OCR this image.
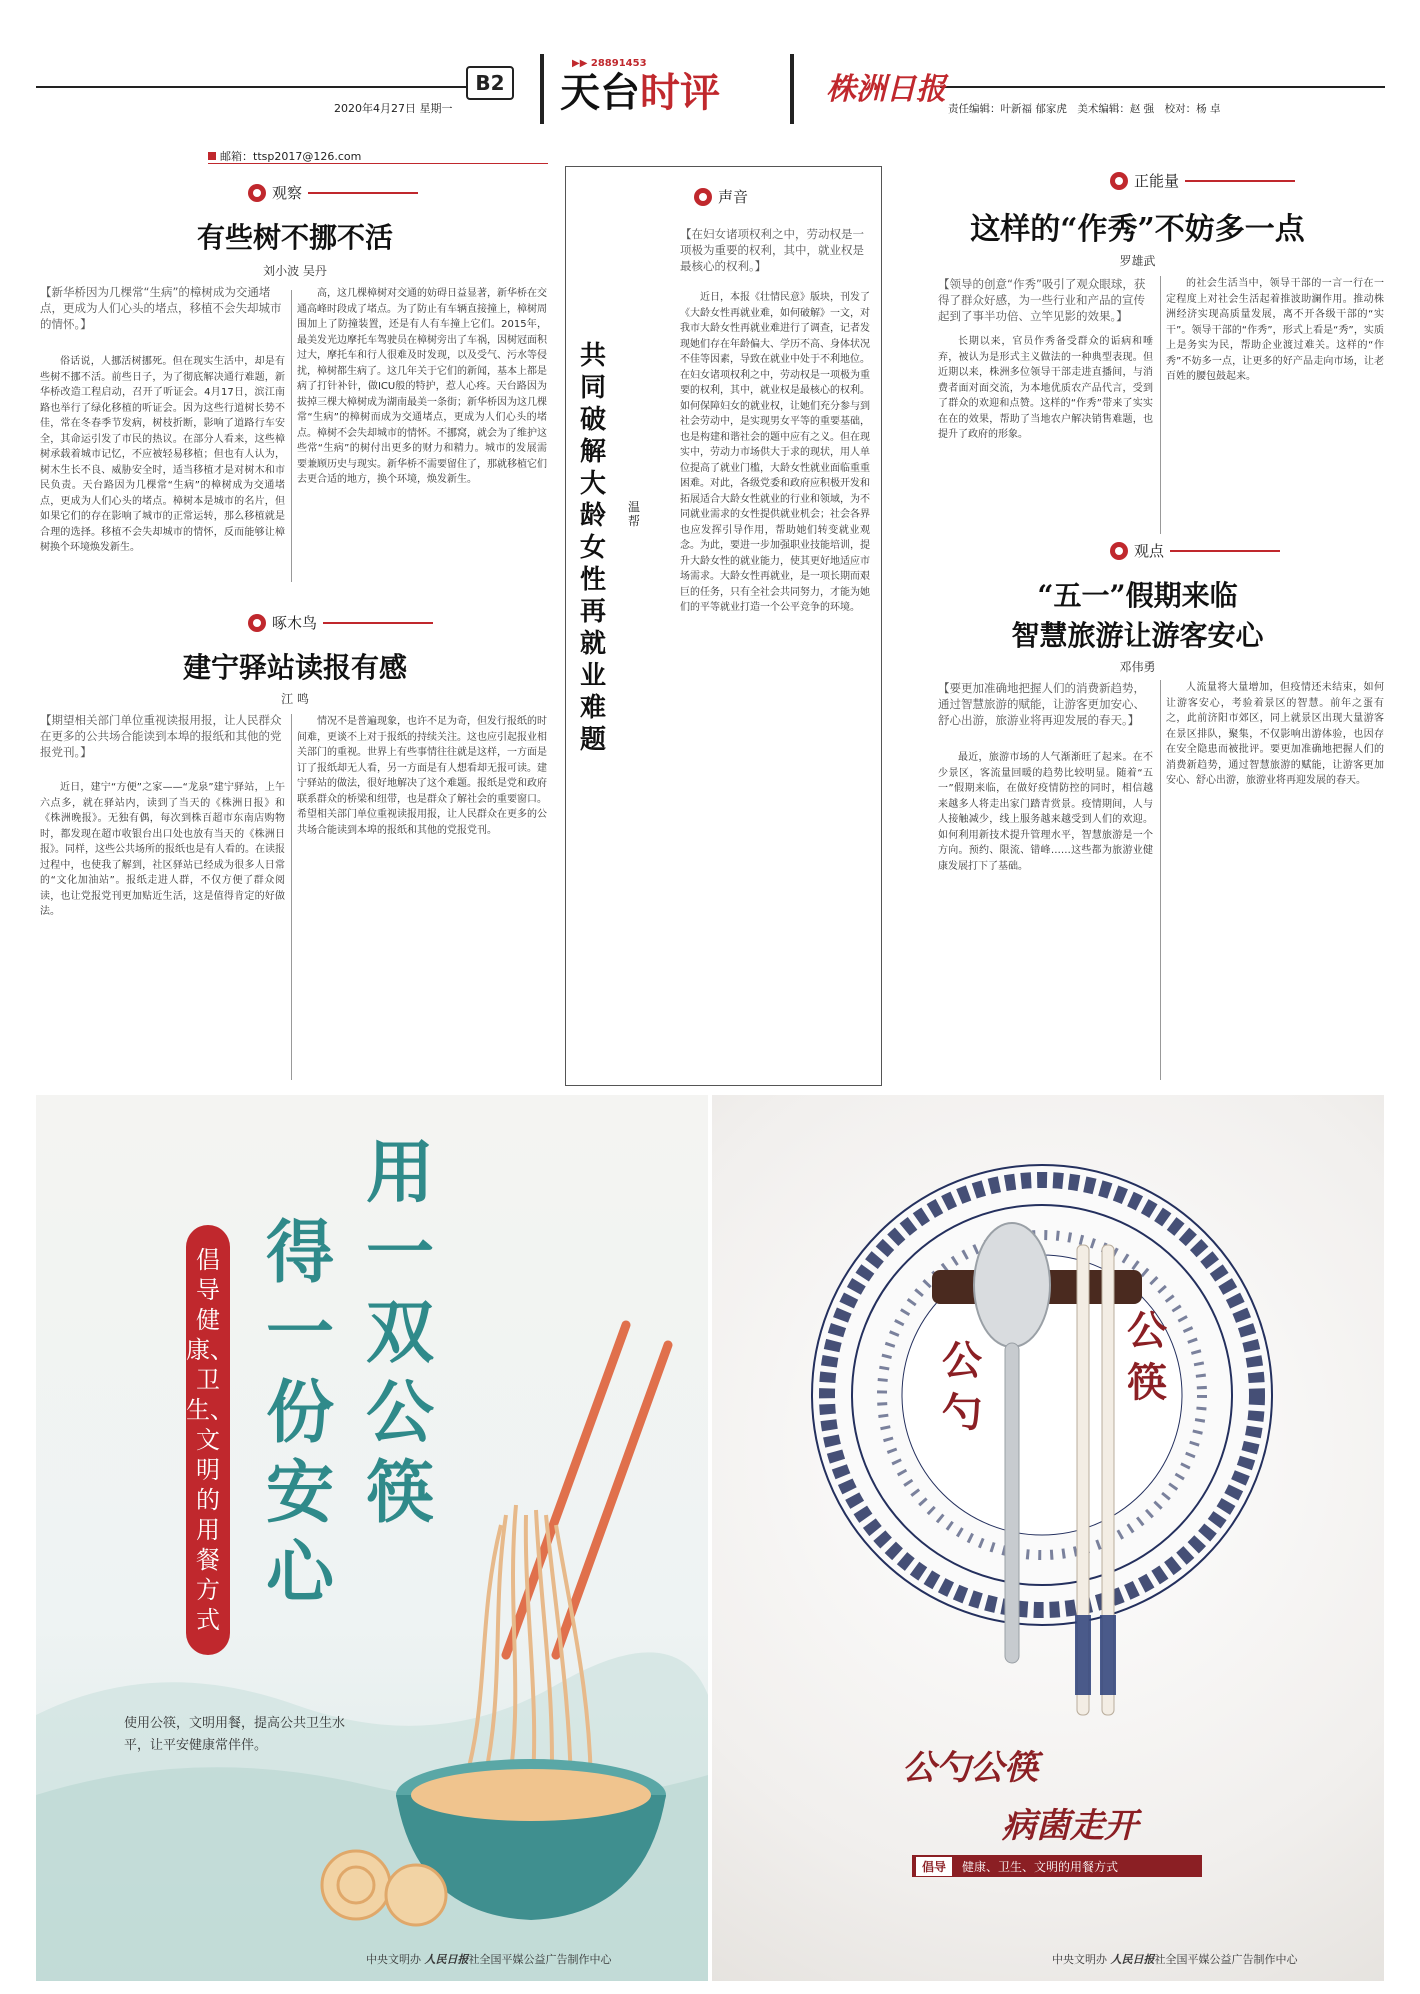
B2
2020年4月27日 星期一
▶▶ 28891453
天台时评	株洲日报
责任编辑：叶新福 郁家虎　美术编辑：赵 强　校对：杨 卓
邮箱：ttsp2017@126.com
观察
有些树不挪不活
刘小波 吴丹
【新华桥因为几棵常“生病”的樟树成为交通堵点，更成为人们心头的堵点，移植不会失却城市的情怀。】
俗话说，人挪活树挪死。但在现实生活中，却是有些树不挪不活。前些日子，为了彻底解决通行难题，新华桥改造工程启动，召开了听证会。4月17日，滨江南路也举行了绿化移植的听证会。因为这些行道树长势不佳，常在冬春季节发病，树枝折断，影响了道路行车安全，其命运引发了市民的热议。在部分人看来，这些樟树承载着城市记忆，不应被轻易移植；但也有人认为，树木生长不良、威胁安全时，适当移植才是对树木和市民负责。天台路因为几棵常“生病”的樟树成为交通堵点，更成为人们心头的堵点。樟树本是城市的名片，但如果它们的存在影响了城市的正常运转，那么移植就是合理的选择。移植不会失却城市的情怀，反而能够让樟树换个环境焕发新生。
高，这几棵樟树对交通的妨碍日益显著，新华桥在交通高峰时段成了堵点。为了防止有车辆直接撞上，樟树周围加上了防撞装置，还是有人有车撞上它们。2015年，最美发光边摩托车驾驶员在樟树旁出了车祸，因树冠面积过大，摩托车和行人很难及时发现，以及受气、污水等侵扰，樟树都生病了。这几年关于它们的新闻，基本上都是病了打针补针，做ICU般的特护，惹人心疼。天台路因为拔掉三棵大樟树成为湖南最美一条街；新华桥因为这几棵常“生病”的樟树而成为交通堵点，更成为人们心头的堵点。樟树不会失却城市的情怀。不挪窝，就会为了维护这些常“生病”的树付出更多的财力和精力。城市的发展需要兼顾历史与现实。新华桥不需要留住了，那就移植它们去更合适的地方，换个环境，焕发新生。
啄木鸟
建宁驿站读报有感
江 鸣
【期望相关部门单位重视读报用报，让人民群众在更多的公共场合能读到本埠的报纸和其他的党报党刊。】
近日，建宁“方便”之家——“龙泉”建宁驿站，上午六点多，就在驿站内，读到了当天的《株洲日报》和《株洲晚报》。无独有偶，每次到株百超市东南店购物时，都发现在超市收银台出口处也放有当天的《株洲日报》。同样，这些公共场所的报纸也是有人看的。在读报过程中，也使我了解到，社区驿站已经成为很多人日常的“文化加油站”。报纸走进人群，不仅方便了群众阅读，也让党报党刊更加贴近生活，这是值得肯定的好做法。
情况不是普遍现象，也许不足为奇，但发行报纸的时间难，更谈不上对于报纸的持续关注。这也应引起报业相关部门的重视。世界上有些事情往往就是这样，一方面是订了报纸却无人看，另一方面是有人想看却无报可读。建宁驿站的做法，很好地解决了这个难题。报纸是党和政府联系群众的桥梁和纽带，也是群众了解社会的重要窗口。希望相关部门单位重视读报用报，让人民群众在更多的公共场合能读到本埠的报纸和其他的党报党刊。
声音
共同破解大龄女性再就业难题
温帮
【在妇女诸项权利之中，劳动权是一项极为重要的权利，其中，就业权是最核心的权利。】
近日，本报《壮情民意》版块，刊发了《大龄女性再就业难，如何破解》一文，对我市大龄女性再就业难进行了调查，记者发现她们存在年龄偏大、学历不高、身体状况不佳等因素，导致在就业中处于不利地位。在妇女诸项权利之中，劳动权是一项极为重要的权利，其中，就业权是最核心的权利。如何保障妇女的就业权，让她们充分参与到社会劳动中，是实现男女平等的重要基础，也是构建和谐社会的题中应有之义。但在现实中，劳动力市场供大于求的现状，用人单位提高了就业门槛，大龄女性就业面临重重困难。对此，各级党委和政府应积极开发和拓展适合大龄女性就业的行业和领域，为不同就业需求的女性提供就业机会；社会各界也应发挥引导作用，帮助她们转变就业观念。为此，要进一步加强职业技能培训，提升大龄女性的就业能力，使其更好地适应市场需求。大龄女性再就业，是一项长期而艰巨的任务，只有全社会共同努力，才能为她们的平等就业打造一个公平竞争的环境。
正能量
这样的“作秀”不妨多一点
罗雄武
【领导的创意“作秀”吸引了观众眼球，获得了群众好感，为一些行业和产品的宣传起到了事半功倍、立竿见影的效果。】
长期以来，官员作秀备受群众的诟病和唾弃，被认为是形式主义做法的一种典型表现。但近期以来，株洲多位领导干部走进直播间，与消费者面对面交流，为本地优质农产品代言，受到了群众的欢迎和点赞。这样的“作秀”带来了实实在在的效果，帮助了当地农户解决销售难题，也提升了政府的形象。
的社会生活当中，领导干部的一言一行在一定程度上对社会生活起着推波助澜作用。推动株洲经济实现高质量发展，离不开各级干部的“实干”。领导干部的“作秀”，形式上看是“秀”，实质上是务实为民，帮助企业渡过难关。这样的“作秀”不妨多一点，让更多的好产品走向市场，让老百姓的腰包鼓起来。
观点
“五一”假期来临
智慧旅游让游客安心
邓伟勇
【要更加准确地把握人们的消费新趋势，通过智慧旅游的赋能，让游客更加安心、舒心出游，旅游业将再迎发展的春天。】
最近，旅游市场的人气渐渐旺了起来。在不少景区，客流量回暖的趋势比较明显。随着“五一”假期来临，在做好疫情防控的同时，相信越来越多人将走出家门踏青赏景。疫情期间，人与人接触减少，线上服务越来越受到人们的欢迎。如何利用新技术提升管理水平，智慧旅游是一个方向。预约、限流、错峰……这些都为旅游业健康发展打下了基础。
人流量将大量增加，但疫情还未结束，如何让游客安心，考验着景区的智慧。前年之蛋有之，此前济阳市郊区，同上就景区出现大量游客在景区排队，聚集，不仅影响出游体验，也因存在安全隐患而被批评。要更加准确地把握人们的消费新趋势，通过智慧旅游的赋能，让游客更加安心、舒心出游，旅游业将再迎发展的春天。
用一双公筷
得一份安心
倡导健康、卫生、文明的用餐方式
使用公筷，文明用餐，提高公共卫生水平，让平安健康常伴伴。
中央文明办 人民日报社全国平媒公益广告制作中心
公勺
公筷
公勺公筷
病菌走开
倡导	健康、卫生、文明的用餐方式
中央文明办 人民日报社全国平媒公益广告制作中心
